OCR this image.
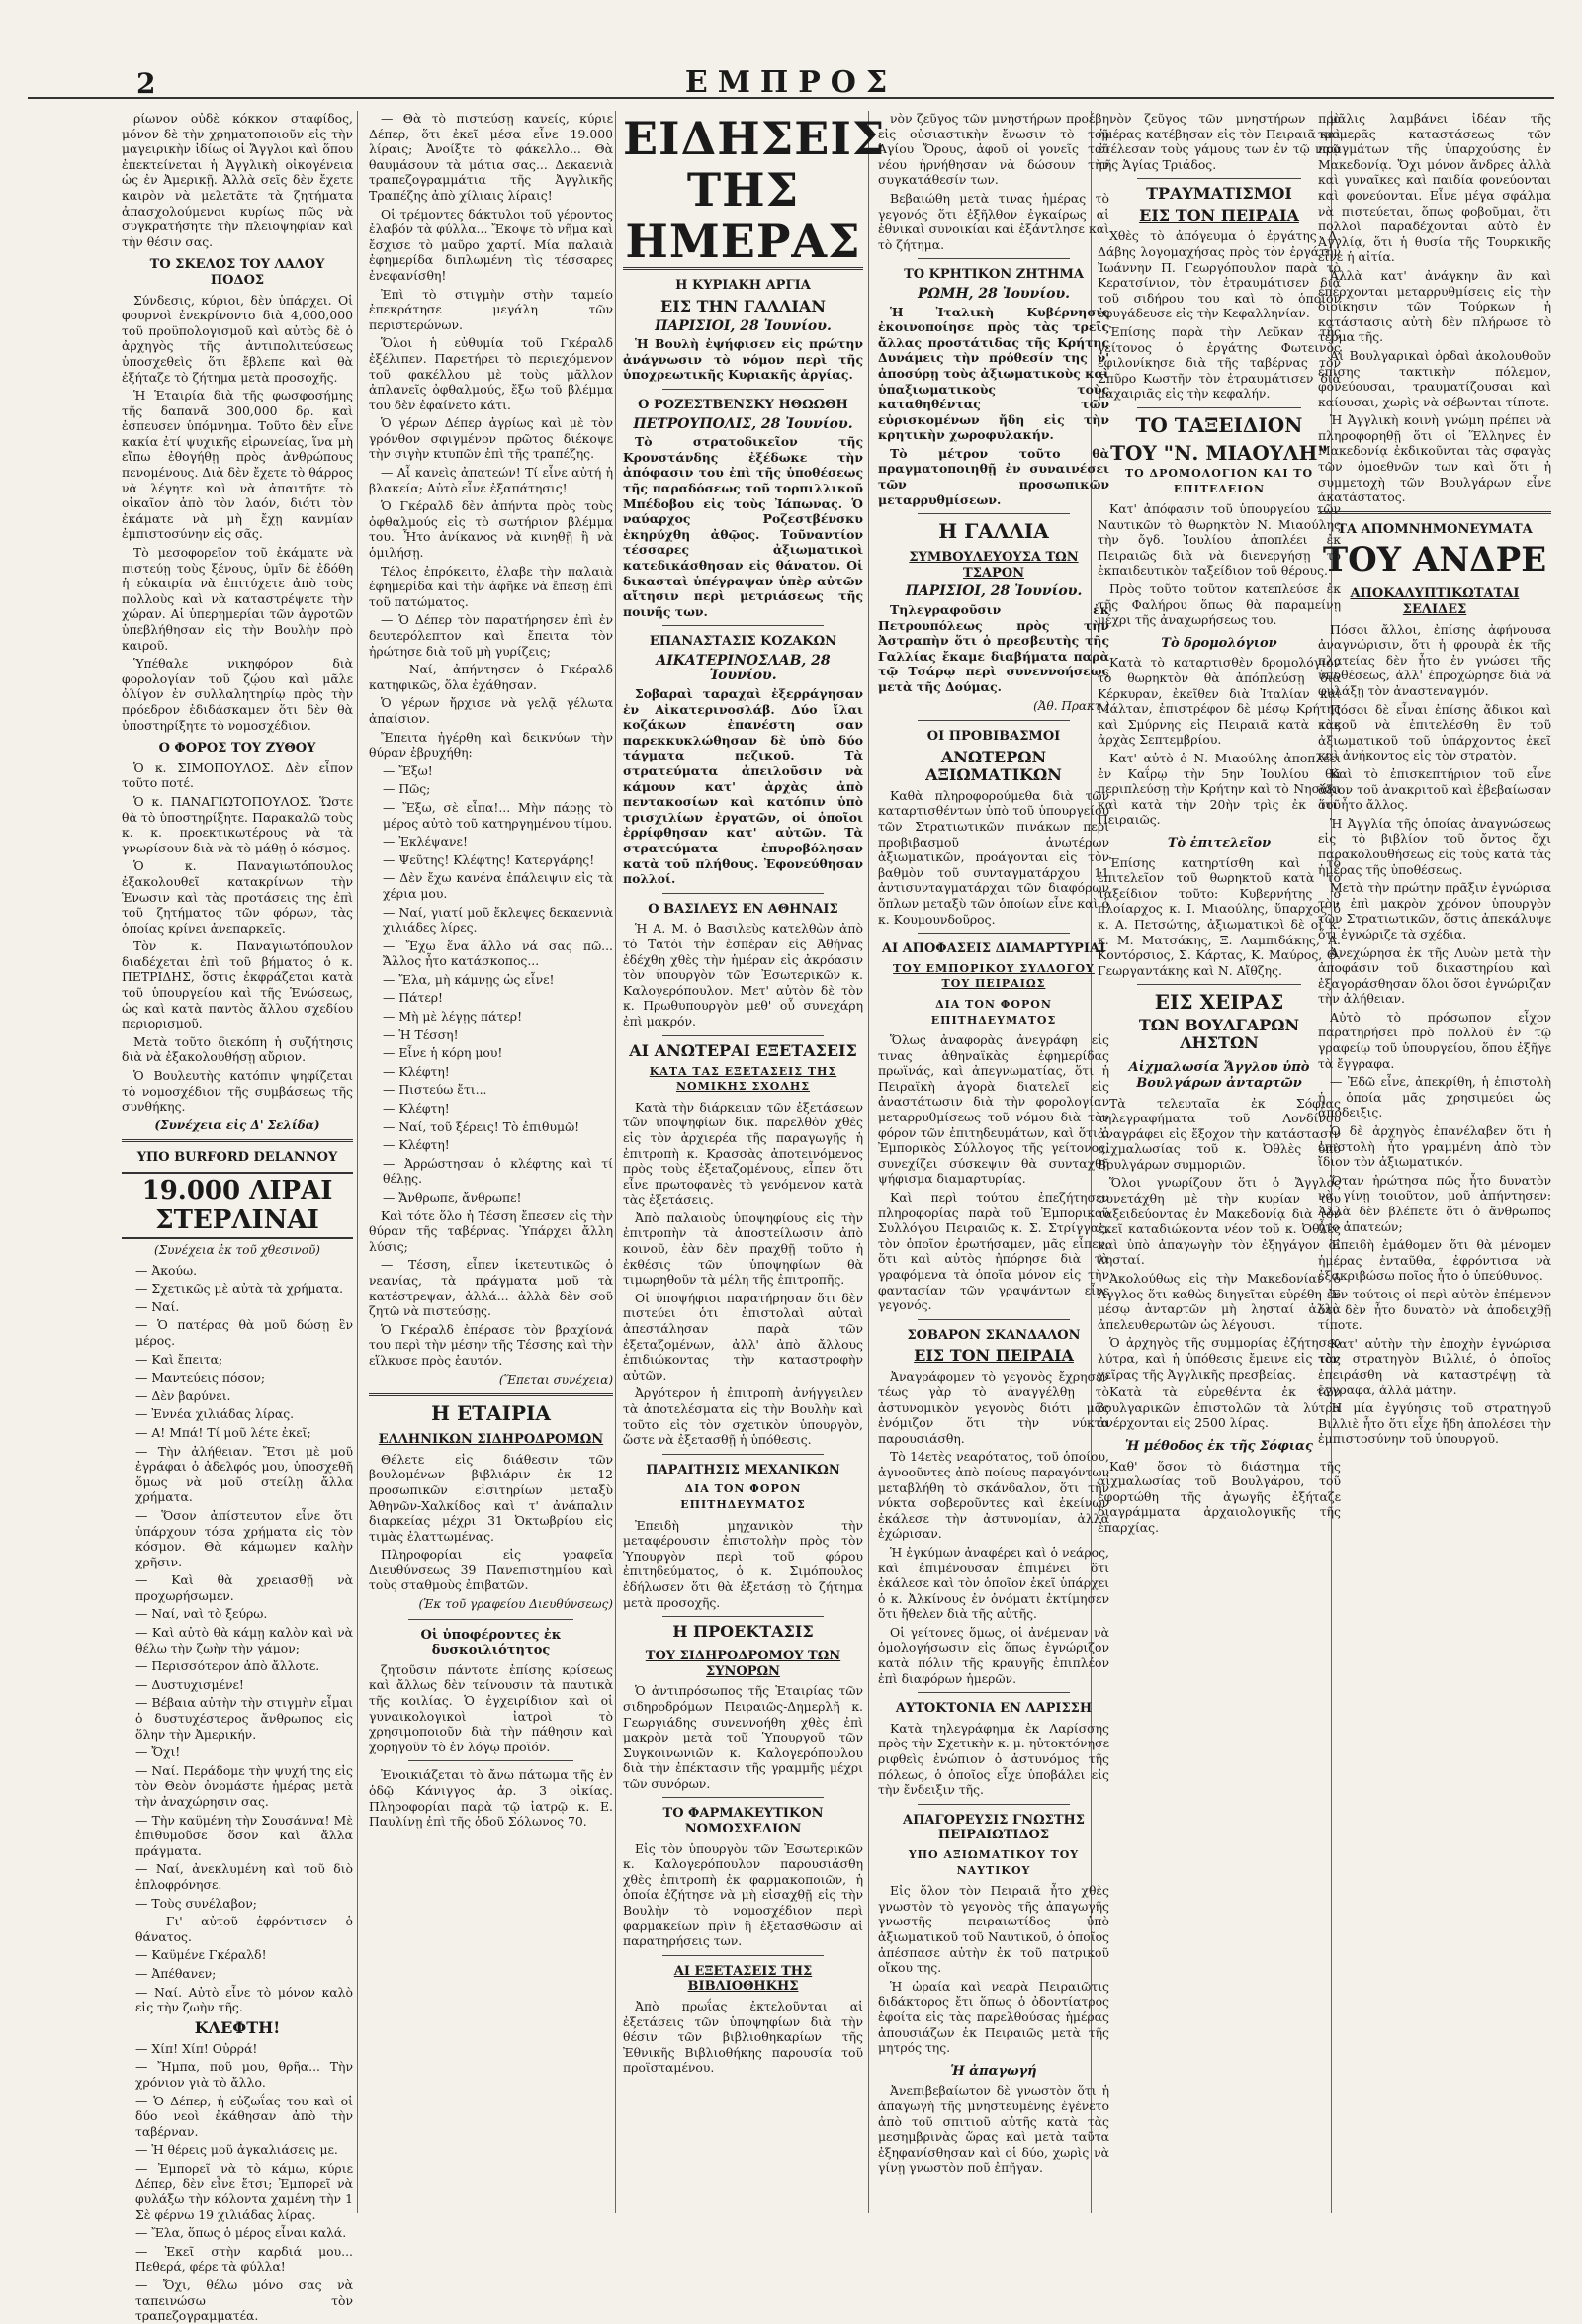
2	ΕΜΠΡΟΣ

ρίωνον οὐδὲ κόκκον σταφίδος, μόνον δὲ τὴν χρηματοποιοῦν εἰς τὴν μαγειρικὴν ἰδίως οἱ Ἄγγλοι καὶ ὅπου ἐπεκτείνεται ἡ Ἀγγλικὴ οἰκογένεια ὡς ἐν Ἀμερικῇ. Ἀλλὰ σεῖς δὲν ἔχετε καιρὸν νὰ μελετᾶτε τὰ ζητήματα ἀπασχολούμενοι κυρίως πῶς νὰ συγκρατήσητε τὴν πλειοψηφίαν καὶ τὴν θέσιν σας.

ΤΟ ΣΚΕΛΟΣ ΤΟΥ ΛΑΛΟΥ ΠΟΔΟΣ

Σύνδεσις, κύριοι, δὲν ὑπάρχει. Οἱ φουρνοὶ ἐνεκρίνοντο διὰ 4,000,000 τοῦ προϋπολογισμοῦ καὶ αὐτὸς δὲ ὁ ἀρχηγὸς τῆς ἀντιπολιτεύσεως ὑποσχεθεὶς ὅτι ἔβλεπε καὶ θὰ ἐξήταζε τὸ ζήτημα μετὰ προσοχῆς.

Ἡ Ἑταιρία διὰ τῆς φωσφοσήμης τῆς δαπανᾶ 300,000 δρ. καὶ ἐσπευσεν ὑπόμνημα. Τοῦτο δὲν εἶνε κακία ἐτί ψυχικῆς εἰρωνείας, ἵνα μὴ εἴπω ἐθογήθῃ πρὸς ἀνθρώπους πενομένους. Διὰ δὲν ἔχετε τὸ θάρρος νὰ λέγητε καὶ νὰ ἀπαιτῆτε τὸ οἰκαῖον ἀπὸ τὸν λαόν, διότι τὸν ἐκάματε νὰ μὴ ἔχῃ κανμίαν ἐμπιστοσύνην εἰς σᾶς.

Τὸ μεσοφορεῖον τοῦ ἐκάματε νὰ πιστεύῃ τοὺς ξένους, ὑμῖν δὲ ἐδόθη ἡ εὐκαιρία νὰ ἐπιτύχετε ἀπὸ τοὺς πολλοὺς καὶ νὰ καταστρέψετε τὴν χώραν. Αἱ ὑπερημερίαι τῶν ἀγροτῶν ὑπεβλήθησαν εἰς τὴν Βουλὴν πρὸ καιροῦ.

Ὑπέθαλε νικηφόρον διὰ φορολογίαν τοῦ ζῴου καὶ μᾶλε ὀλίγον ἐν συλλαλητηρίῳ πρὸς τὴν πρόεδρον ἐδιδάσκαμεν ὅτι δὲν θὰ ὑποστηρίξητε τὸ νομοσχέδιον.

Ο ΦΟΡΟΣ ΤΟΥ ΖΥΘΟΥ

Ὁ κ. ΣΙΜΟΠΟΥΛΟΣ. Δὲν εἶπον τοῦτο ποτέ.

Ὁ κ. ΠΑΝΑΓΙΩΤΟΠΟΥΛΟΣ. Ὥστε θὰ τὸ ὑποστηρίξητε. Παρακαλῶ τοὺς κ. κ. προεκτικωτέρους νὰ τὰ γνωρίσουν διὰ νὰ τὸ μάθῃ ὁ κόσμος.

Ὁ κ. Παναγιωτόπουλος ἐξακολουθεῖ κατακρίνων τὴν Ἑνωσιν καὶ τὰς προτάσεις της ἐπὶ τοῦ ζητήματος τῶν φόρων, τὰς ὁποίας κρίνει ἀνεπαρκεῖς.

Τὸν κ. Παναγιωτόπουλον διαδέχεται ἐπὶ τοῦ βήματος ὁ κ. ΠΕΤΡΙΔΗΣ, ὅστις ἐκφράζεται κατὰ τοῦ ὑπουργείου καὶ τῆς Ἑνώσεως, ὡς καὶ κατὰ παντὸς ἄλλου σχεδίου περιορισμοῦ.

Μετὰ τοῦτο διεκόπη ἡ συζήτησις διὰ νὰ ἐξακολουθήσῃ αὔριον.

Ὁ Βουλευτὴς κατόπιν ψηφίζεται τὸ νομοσχέδιον τῆς συμβάσεως τῆς συνθήκης.

(Συνέχεια εἰς Δ' Σελίδα)
ΥΠΟ BURFORD DELANNOY
19.000 ΛΙΡΑΙ ΣΤΕΡΛΙΝΑΙ
(Συνέχεια ἐκ τοῦ χθεσινοῦ)

— Ἀκούω.

— Σχετικῶς μὲ αὐτὰ τὰ χρήματα.

— Ναί.

— Ὁ πατέρας θὰ μοῦ δώσῃ ἓν μέρος.

— Καὶ ἔπειτα;

— Μαντεύεις πόσον;

— Δὲν βαρύνει.

— Ἐννέα χιλιάδας λίρας.

— Α! Μπά! Τί μοῦ λέτε ἐκεῖ;

— Τὴν ἀλήθειαν. Ἔτσι μὲ μοῦ ἐγράφαι ὁ ἀδελφός μου, ὑποσχεθῆ ὅμως νὰ μοῦ στείλῃ ἄλλα χρήματα.

— Ὅσον ἀπίστευτον εἶνε ὅτι ὑπάρχουν τόσα χρήματα εἰς τὸν κόσμον. Θὰ κάμωμεν καλὴν χρῆσιν.

— Καὶ θὰ χρειασθῇ νὰ προχωρήσωμεν.

— Ναί, ναὶ τὸ ξεύρω.

— Καὶ αὐτὸ θὰ κάμῃ καλὸν καὶ νὰ θέλω τὴν ζωὴν τὴν γάμον;

— Περισσότερον ἀπὸ ἄλλοτε.

— Δυστυχισμένε!

— Βέβαια αὐτὴν τὴν στιγμὴν εἶμαι ὁ δυστυχέστερος ἄνθρωπος εἰς ὅλην τὴν Ἀμερικήν.

— Ὄχι!

— Ναί. Περάδομε τὴν ψυχή της εἰς τὸν Θεὸν ὀνομάστε ἡμέρας μετὰ τὴν ἀναχώρησιν σας.

— Τὴν καϋμένη τὴν Σουσάννα! Μὲ ἐπιθυμοῦσε ὅσον καὶ ἄλλα πράγματα.

— Ναί, ἀνεκλυμένη καὶ τοῦ διὸ ἐπλοφρόνησε.

— Τοὺς συνέλαβον;

— Γι' αὐτοῦ ἐφρόντισεν ὁ θάνατος.

— Καϋμένε Γκέραλδ!

— Ἀπέθανεν;

— Ναί. Αὐτὸ εἶνε τὸ μόνον καλὸ εἰς τὴν ζωὴν τῆς.

ΚΛΕΦΤΗ!

— Χίπ! Χίπ! Οὐρρά!

— Ἤμπα, ποῦ μου, θρῆα... Τὴν χρόνιον γιὰ τὸ ἄλλο.

— Ὁ Δέπερ, ἡ εὐζωΐας του καὶ οἱ δύο νεοὶ ἐκάθησαν ἀπὸ τὴν ταβέρναν.

— Ἡ θέρεις μοῦ ἀγκαλιάσεις με.

— Ἐμπορεῖ νὰ τὸ κάμω, κύριε Δέπερ, δὲν εἶνε ἔτσι; Ἐμπορεῖ νὰ φυλάξω τὴν κόλοντα χαμένη τὴν 1 Σὲ φέρνω 19 χιλιάδας λίρας.

— Ἔλα, ὅπως ὁ μέρος εἶναι καλά.

— Ἐκεῖ στὴν καρδιά μου... Πεθερά, φέρε τὰ φύλλα!

— Ὄχι, θέλω μόνο σας νὰ ταπεινώσω τὸν τραπεζογραμματέα.

— Θὰ τὸ πιστεύσῃ κανείς, κύριε Δέπερ, ὅτι ἐκεῖ μέσα εἶνε 19.000 λίραις; Ἀνοίξτε τὸ φάκελλο... Θὰ θαυμάσουν τὰ μάτια σας... Δεκαενιὰ τραπεζογραμμάτια τῆς Ἀγγλικῆς Τραπέζης ἀπὸ χίλιαις λίραις!

Οἱ τρέμοντες δάκτυλοι τοῦ γέροντος ἐλαβόν τὰ φύλλα... Ἔκοψε τὸ νῆμα καὶ ἔσχισε τὸ μαῦρο χαρτί. Μία παλαιὰ ἐφημερίδα διπλωμένη τὶς τέσσαρες ἐνεφανίσθη!

Ἐπὶ τὸ στιγμὴν στὴν ταμείο ἐπεκράτησε μεγάλη τῶν περιστερώνων.

Ὅλοι ἡ εὐθυμία τοῦ Γκέραλδ ἐξέλιπεν. Παρετήρει τὸ περιεχόμενον τοῦ φακέλλου μὲ τοὺς μᾶλλον ἀπλανεῖς ὀφθαλμούς, ἔξω τοῦ βλέμμα του δὲν ἐφαίνετο κάτι.

Ὁ γέρων Δέπερ ἀγρίως καὶ μὲ τὸν γρόνθον σφιγμένον πρῶτος διέκοψε τὴν σιγὴν κτυπῶν ἐπὶ τῆς τραπέζης.

— Αἶ κανεὶς ἀπατεών! Τί εἶνε αὐτή ἡ βλακεία; Αὐτὸ εἶνε ἐξαπάτησις!

Ὁ Γκέραλδ δὲν ἀπήντα πρὸς τοὺς ὀφθαλμούς εἰς τὸ σωτήριον βλέμμα του. Ἦτο ἀνίκανος νὰ κινηθῇ ἢ νὰ ὁμιλήσῃ.

Τέλος ἐπρόκειτο, ἐλαβε τὴν παλαιὰ ἐφημερίδα καὶ τὴν ἀφῆκε νὰ ἔπεσῃ ἐπὶ τοῦ πατώματος.

— Ὁ Δέπερ τὸν παρατήρησεν ἐπὶ ἐν δευτερόλεπτον καὶ ἔπειτα τὸν ἠρώτησε διὰ τοῦ μὴ γυρίζεις;

— Ναί, ἀπήντησεν ὁ Γκέραλδ κατηφικῶς, ὅλα ἐχάθησαν.

Ὁ γέρων ἤρχισε νὰ γελᾷ γέλωτα ἀπαίσιον.

Ἔπειτα ἠγέρθη καὶ δεικνύων τὴν θύραν ἐβρυχήθη:

— Ἔξω!

— Πῶς;

— Ἔξω, σὲ εἶπα!... Μὴν πάρῃς τὸ μέρος αὐτὸ τοῦ κατηργημένου τίμου.

— Ἐκλέψανε!

— Ψεῦτης! Κλέφτης! Κατεργάρης!

— Δὲν ἔχω κανένα ἐπάλειψιν εἰς τὰ χέρια μου.

— Ναί, γιατί μοῦ ἔκλεψες δεκαεννιὰ χιλιάδες λίρες.

— Ἔχω ἕνα ἄλλο νά σας πῶ... Ἄλλος ἦτο κατάσκοπος...

— Ἔλα, μὴ κάμνῃς ὡς εἶνε!

— Πάτερ!

— Μὴ μὲ λέγῃς πάτερ!

— Ἡ Τέσση!

— Εἶνε ἡ κόρη μου!

— Κλέφτη!

— Πιστεύω ἔτι...

— Κλέφτη!

— Ναί, τοῦ ξέρεις! Τὸ ἐπιθυμῶ!

— Κλέφτη!

— Ἀρρώστησαν ὁ κλέφτης καὶ τί θέλῃς.

— Ἄνθρωπε, ἄνθρωπε!

Καὶ τότε ὅλο ἡ Τέσση ἔπεσεν εἰς τὴν θύραν τῆς ταβέρνας. Ὑπάρχει ἄλλη λύσις;

— Τέσση, εἶπεν ἱκετευτικῶς ὁ νεανίας, τὰ πράγματα μοῦ τὰ κατέστρεψαν, ἀλλά... ἀλλὰ δὲν σοῦ ζητῶ νὰ πιστεύσῃς.

Ὁ Γκέραλδ ἐπέρασε τὸν βραχίονά του περὶ τὴν μέσην τῆς Τέσσης καὶ τὴν εἵλκυσε πρὸς ἑαυτόν.

(Ἕπεται συνέχεια)
Η ΕΤΑΙΡΙΑ
ΕΛΛΗΝΙΚΩΝ ΣΙΔΗΡΟΔΡΟΜΩΝ

Θέλετε εἰς διάθεσιν τῶν βουλομένων βιβλιάριν ἐκ 12 προσωπικῶν εἰσιτηρίων μεταξὺ Ἀθηνῶν-Χαλκίδος καὶ τ' ἀνάπαλιν διαρκείας μέχρι 31 Ὀκτωβρίου εἰς τιμὰς ἐλαττωμένας.

Πληροφορίαι εἰς γραφεῖα Διευθύνσεως 39 Πανεπιστημίου καὶ τοὺς σταθμοὺς ἐπιβατῶν.

(Ἐκ τοῦ γραφείου Διευθύνσεως)
Οἱ ὑποφέροντες ἐκ δυσκοιλιότητος

ζητοῦσιν πάντοτε ἐπίσης κρίσεως καὶ ἄλλως δὲν τείνουσιν τὰ παυτικὰ τῆς κοιλίας. Ὁ ἐγχειρίδιον καὶ οἱ γυναικολογικοὶ ἰατροὶ τὸ χρησιμοποιοῦν διὰ τὴν πάθησιν καὶ χορηγοῦν τὸ ἐν λόγῳ προϊόν.

Ἐνοικιάζεται τὸ ἄνω πάτωμα τῆς ἐν ὁδῷ Κάνιγγος ἀρ. 3 οἰκίας. Πληροφορίαι παρὰ τῷ ἰατρῷ κ. Ε. Παυλίνῃ ἐπὶ τῆς ὁδοῦ Σόλωνος 70.

ΕΙΔΗΣΕΙΣ ΤΗΣ ΗΜΕΡΑΣ
Η ΚΥΡΙΑΚΗ ΑΡΓΙΑ
ΕΙΣ ΤΗΝ ΓΑΛΛΙΑΝ
ΠΑΡΙΣΙΟΙ, 28 Ἰουνίου.

Ἡ Βουλὴ ἐψήφισεν εἰς πρώτην ἀνάγνωσιν τὸ νόμον περὶ τῆς ὑποχρεωτικῆς Κυριακῆς ἀργίας.

Ο ΡΟΖΕΣΤΒΕΝΣΚΥ ΗΘΩΩΘΗ
ΠΕΤΡΟΥΠΟΛΙΣ, 28 Ἰουνίου.

Τὸ στρατοδικεῖον τῆς Κρονστάνδης ἐξέδωκε τὴν ἀπόφασιν του ἐπὶ τῆς ὑποθέσεως τῆς παραδόσεως τοῦ τορπιλλικοῦ Μπέδοβου εἰς τοὺς Ἰάπωνας. Ὁ ναύαρχος Ροζεστβένσκυ ἐκηρύχθη ἀθῷος. Τοῦναντίον τέσσαρες ἀξιωματικοὶ κατεδικάσθησαν εἰς θάνατον. Οἱ δικασταὶ ὑπέγραψαν ὑπὲρ αὐτῶν αἴτησιν περὶ μετριάσεως τῆς ποινῆς των.

ΕΠΑΝΑΣΤΑΣΙΣ ΚΟΖΑΚΩΝ
ΑΙΚΑΤΕΡΙΝΟΣΛΑΒ, 28 Ἰουνίου.

Σοβαραὶ ταραχαὶ ἐξερράγησαν ἐν Αἰκατερινοσλάβ. Δύο ἴλαι κοζάκων ἐπανέστη σαν παρεκκυκλώθησαν δὲ ὑπὸ δύο τάγματα πεζικοῦ. Τὰ στρατεύματα ἀπειλοῦσιν νὰ κάμουν κατ' ἀρχὰς ἀπὸ πεντακοσίων καὶ κατόπιν ὑπὸ τρισχιλίων ἐργατῶν, οἱ ὁποῖοι ἐρρίφθησαν κατ' αὐτῶν. Τὰ στρατεύματα ἐπυροβόλησαν κατὰ τοῦ πλήθους. Ἐφονεύθησαν πολλοί.

Ο ΒΑΣΙΛΕΥΣ ΕΝ ΑΘΗΝΑΙΣ

Ἡ Α. Μ. ὁ Βασιλεὺς κατελθὼν ἀπὸ τὸ Τατόι τὴν ἑσπέραν εἰς Ἀθήνας ἐδέχθη χθὲς τὴν ἡμέραν εἰς ἀκρόασιν τὸν ὑπουργὸν τῶν Ἐσωτερικῶν κ. Καλογερόπουλον. Μετ' αὐτὸν δὲ τὸν κ. Πρωθυπουργὸν μεθ' οὗ συνεχάρη ἐπὶ μακρόν.

ΑΙ ΑΝΩΤΕΡΑΙ ΕΞΕΤΑΣΕΙΣ
ΚΑΤΑ ΤΑΣ ΕΞΕΤΑΣΕΙΣ ΤΗΣ ΝΟΜΙΚΗΣ ΣΧΟΛΗΣ

Κατὰ τὴν διάρκειαν τῶν ἐξετάσεων τῶν ὑποψηφίων δικ. παρελθὸν χθὲς εἰς τὸν ἀρχιερέα τῆς παραγωγῆς ἡ ἐπιτροπὴ κ. Κρασσὰς ἀποτεινόμενος πρὸς τοὺς ἐξεταζομένους, εἶπεν ὅτι εἶνε πρωτοφανὲς τὸ γενόμενον κατὰ τὰς ἐξετάσεις.

Ἀπὸ παλαιοὺς ὑποψηφίους εἰς τὴν ἐπιτροπὴν τὰ ἀποστείλωσιν ἀπὸ κοινοῦ, ἐὰν δὲν πραχθῇ τοῦτο ἡ ἐκθέσις τῶν ὑποψηφίων θὰ τιμωρηθοῦν τὰ μέλη τῆς ἐπιτροπῆς.

Οἱ ὑποψήφιοι παρατήρησαν ὅτι δὲν πιστεύει ὁτι ἐπιστολαὶ αὐταὶ ἀπεστάλησαν παρὰ τῶν ἐξεταζομένων, ἀλλ' ἀπὸ ἄλλους ἐπιδιώκοντας τὴν καταστροφὴν αὐτῶν.

Ἀργότερον ἡ ἐπιτροπὴ ἀνήγγειλεν τὰ ἀποτελέσματα εἰς τὴν Βουλὴν καὶ τοῦτο εἰς τὸν σχετικὸν ὑπουργὸν, ὥστε νὰ ἐξετασθῇ ἡ ὑπόθεσις.

ΠΑΡΑΙΤΗΣΙΣ ΜΕΧΑΝΙΚΩΝ
ΔΙΑ ΤΟΝ ΦΟΡΟΝ ΕΠΙΤΗΔΕΥΜΑΤΟΣ

Ἐπειδὴ μηχανικὸν τὴν μεταφέρουσιν ἐπιστολὴν πρὸς τὸν Ὑπουργὸν περὶ τοῦ φόρου ἐπιτηδεύματος, ὁ κ. Σιμόπουλος ἐδήλωσεν ὅτι θὰ ἐξετάσῃ τὸ ζήτημα μετὰ προσοχῆς.

Η ΠΡΟΕΚΤΑΣΙΣ
ΤΟΥ ΣΙΔΗΡΟΔΡΟΜΟΥ ΤΩΝ ΣΥΝΟΡΩΝ

Ὁ ἀντιπρόσωπος τῆς Ἑταιρίας τῶν σιδηροδρόμων Πειραιῶς-Δημερλῆ κ. Γεωργιάδης συνεννοήθη χθὲς ἐπὶ μακρὸν μετὰ τοῦ Ὑπουργοῦ τῶν Συγκοινωνιῶν κ. Καλογερόπουλου διὰ τὴν ἐπέκτασιν τῆς γραμμῆς μέχρι τῶν συνόρων.

ΤΟ ΦΑΡΜΑΚΕΥΤΙΚΟΝ ΝΟΜΟΣΧΕΔΙΟΝ

Εἰς τὸν ὑπουργὸν τῶν Ἐσωτερικῶν κ. Καλογερόπουλον παρουσιάσθη χθὲς ἐπιτροπὴ ἐκ φαρμακοποιῶν, ἡ ὁποία ἐζήτησε νὰ μὴ εἰσαχθῇ εἰς τὴν Βουλὴν τὸ νομοσχέδιον περὶ φαρμακείων πρὶν ἢ ἐξετασθῶσιν αἱ παρατηρήσεις των.

ΑΙ ΕΞΕΤΑΣΕΙΣ ΤΗΣ ΒΙΒΛΙΟΘΗΚΗΣ

Ἀπὸ πρωΐας ἐκτελοῦνται αἱ ἐξετάσεις τῶν ὑποψηφίων διὰ τὴν θέσιν τῶν βιβλιοθηκαρίων τῆς Ἐθνικῆς Βιβλιοθήκης παρουσία τοῦ προϊσταμένου.

νὸν ζεῦγος τῶν μνηστήρων προέβη εἰς οὐσιαστικὴν ἔνωσιν τὸ τοῦ Ἁγίου Ὄρους, ἀφοῦ οἱ γονεῖς τοῦ νέου ἠρνήθησαν νὰ δώσουν τὴν συγκατάθεσίν των.

Βεβαιώθη μετὰ τινας ἡμέρας τὸ γεγονός ὅτι ἐξῆλθον ἐγκαίρως αἱ ἐθνικαὶ συνοικίαι καὶ ἐξάντλησε καὶ τὸ ζήτημα.

ΤΟ ΚΡΗΤΙΚΟΝ ΖΗΤΗΜΑ
ΡΩΜΗ, 28 Ἰουνίου.

Ἡ Ἰταλικὴ Κυβέρνησις ἐκοινοποίησε πρὸς τὰς τρεῖς ἄλλας προστάτιδας τῆς Κρήτης Δυνάμεις τὴν πρόθεσίν της ν' ἀποσύρῃ τοὺς ἀξιωματικοὺς καὶ ὑπαξιωματικοὺς τοὺς καταθηθέντας τῶν εὐρισκομένων ἤδη εἰς τὴν κρητικὴν χωροφυλακήν.

Τὸ μέτρον τοῦτο θὰ πραγματοποιηθῇ ἐν συναινέσει τῶν προσωπικῶν μεταρρυθμίσεων.

Η ΓΑΛΛΙΑ
ΣΥΜΒΟΥΛΕΥΟΥΣΑ ΤΩΝ ΤΣΑΡΟΝ
ΠΑΡΙΣΙΟΙ, 28 Ἰουνίου.

Τηλεγραφοῦσιν ἐκ Πετρουπόλεως πρὸς τὴν Ἀστραπὴν ὅτι ὁ πρεσβευτὴς τῆς Γαλλίας ἔκαμε διαβήματα παρὰ τῷ Τσάρῳ περὶ συνεννοήσεως μετὰ τῆς Δούμας.

(Ἀθ. Πρακτ.)
ΟΙ ΠΡΟΒΙΒΑΣΜΟΙ
ΑΝΩΤΕΡΩΝ ΑΞΙΩΜΑΤΙΚΩΝ

Καθὰ πληροφορούμεθα διὰ τῶν καταρτισθέντων ὑπὸ τοῦ ὑπουργείου τῶν Στρατιωτικῶν πινάκων περὶ προβιβασμοῦ ἀνωτέρων ἀξιωματικῶν, προάγονται εἰς τὸν βαθμὸν τοῦ συνταγματάρχου 11 ἀντισυνταγματάρχαι τῶν διαφόρων ὅπλων μεταξὺ τῶν ὁποίων εἶνε καὶ ὁ κ. Κουμουνδοῦρος.

ΑΙ ΑΠΟΦΑΣΕΙΣ ΔΙΑΜΑΡΤΥΡΙΑΙ
ΤΟΥ ΕΜΠΟΡΙΚΟΥ ΣΥΛΛΟΓΟΥ ΤΟΥ ΠΕΙΡΑΙΩΣ
ΔΙΑ ΤΟΝ ΦΟΡΟΝ ΕΠΙΤΗΔΕΥΜΑΤΟΣ

Ὅλως ἀναφορὰς ἀνεγράφη εἰς τινας ἀθηναϊκὰς ἐφημερίδας πρωϊνάς, καὶ ἀπεγνωματίας, ὅτι ἡ Πειραϊκὴ ἀγορὰ διατελεῖ εἰς ἀναστάτωσιν διὰ τὴν φορολογίαν μεταρρυθμίσεως τοῦ νόμου διὰ τὸν φόρον τῶν ἐπιτηδευμάτων, καὶ ὅτι ὁ Ἐμπορικὸς Σύλλογος τῆς γείτονος, συνεχίζει σύσκεψιν θὰ συνταχθῇ ψήφισμα διαμαρτυρίας.

Καὶ περὶ τούτου ἐπεζήτησεν πληροφορίας παρὰ τοῦ Ἐμπορικοῦ Συλλόγου Πειραιῶς κ. Σ. Στρίγγας, τὸν ὁποῖον ἐρωτήσαμεν, μᾶς εἶπεν, ὅτι καὶ αὐτὸς ἠπόρησε διὰ τὰ γραφόμενα τὰ ὁποῖα μόνον εἰς τὴν φαντασίαν τῶν γραψάντων εἶνε γεγονός.

ΣΟΒΑΡΟΝ ΣΚΑΝΔΑΛΟΝ
ΕΙΣ ΤΟΝ ΠΕΙΡΑΙΑ

Ἀναγράφομεν τὸ γεγονὸς ἔχρησεν τέως γὰρ τὸ ἀναγγέλθῃ τὸ ἀστυνομικὸν γεγονὸς διότι μᾶς ἐνόμιζον ὅτι τὴν νύκτα παρουσιάσθη.

Τὸ 14ετὲς νεαρότατος, τοῦ ὁποίου, ἀγνοοῦντες ἀπὸ ποίους παραγόντων μεταβλήθη τὸ σκάνδαλον, ὅτι τὴν νύκτα σοβεροῦντες καὶ ἐκείνων ἐκάλεσε τὴν ἀστυνομίαν, ἀλλὰ ἐχώρισαν.

Ἡ ἐγκύμων ἀναφέρει καὶ ὁ νεάρος, καὶ ἐπιμένουσαν ἐπιμένει ὅτι ἐκάλεσε καὶ τὸν ὁποῖον ἐκεῖ ὑπάρχει ὁ κ. Ἀλκίνους ἐν ὀνόματι ἐκτίμησεν ὅτι ἤθελεν διὰ τῆς αὐτῆς.

Οἱ γείτονες ὅμως, οἱ ἀνέμεναν νὰ ὁμολογήσωσιν εἰς ὅπως ἐγνώριζον κατὰ πόλιν τῆς κραυγῆς ἐπιπλέον ἐπὶ διαφόρων ἡμερῶν.

ΑΥΤΟΚΤΟΝΙΑ ΕΝ ΛΑΡΙΣΣΗ

Κατὰ τηλεγράφημα ἐκ Λαρίσσης πρὸς τὴν Σχετικὴν κ. μ. ηὐτοκτόνησε ριφθεὶς ἐνώπιον ὁ ἀστυνόμος τῆς πόλεως, ὁ ὁποῖος εἶχε ὑποβάλει εἰς τὴν ἔνδειξιν τῆς.

ΑΠΑΓΟΡΕΥΣΙΣ ΓΝΩΣΤΗΣ ΠΕΙΡΑΙΩΤΙΔΟΣ
ΥΠΟ ΑΞΙΩΜΑΤΙΚΟΥ ΤΟΥ ΝΑΥΤΙΚΟΥ

Εἰς ὅλον τὸν Πειραιᾶ ἦτο χθὲς γνωστὸν τὸ γεγονὸς τῆς ἀπαγωγῆς γνωστῆς πειραιωτίδος ὑπὸ ἀξιωματικοῦ τοῦ Ναυτικοῦ, ὁ ὁποῖος ἀπέσπασε αὐτὴν ἐκ τοῦ πατρικοῦ οἴκου της.

Ἡ ὡραία καὶ νεαρὰ Πειραιῶτις διδάκτορος ἔτι ὅπως ὁ ὀδοντίατρος ἐφοίτα εἰς τὰς παρελθούσας ἡμέρας ἀπουσιάζων ἐκ Πειραιῶς μετὰ τῆς μητρός της.

Ἡ ἀπαγωγή

Ἀνεπιβεβαίωτον δὲ γνωστὸν ὅτι ἡ ἀπαγωγὴ τῆς μνηστευμένης ἐγένετο ἀπὸ τοῦ σπιτιοῦ αὐτῆς κατὰ τὰς μεσημβρινὰς ὥρας καὶ μετὰ ταῦτα ἐξηφανίσθησαν καὶ οἱ δύο, χωρὶς νὰ γίνῃ γνωστὸν ποῦ ἐπῆγαν.

νὸν ζεῦγος τῶν μνηστήρων πρὸ ἡμέρας κατέβησαν εἰς τὸν Πειραιᾶ καὶ ἐτέλεσαν τοὺς γάμους των ἐν τῷ ναῷ τῆς Ἁγίας Τριάδος.

ΤΡΑΥΜΑΤΙΣΜΟΙ
ΕΙΣ ΤΟΝ ΠΕΙΡΑΙΑ

Χθὲς τὸ ἀπόγευμα ὁ ἐργάτης Δ. Δάβης λογομαχήσας πρὸς τὸν ἐργάτην Ἰωάννην Π. Γεωργόπουλον παρὰ τὸ Κερατσίνιον, τὸν ἐτραυμάτισεν διὰ τοῦ σιδήρου του καὶ τὸ ὁποῖον ἐφυγάδευσε εἰς τὴν Κεφαλληνίαν.

Ἐπίσης παρὰ τὴν Λεῦκαν τῆς γείτονος ὁ ἐργάτης Φωτεινὸς ἐφιλονίκησε διὰ τῆς ταβέρνας τὸν Σπῦρο Κωστῆν τὸν ἐτραυμάτισεν διὰ μαχαιριᾶς εἰς τὴν κεφαλήν.

ΤΟ ΤΑΞΕΙΔΙΟΝ
ΤΟΥ "Ν. ΜΙΑΟΥΛΗ"
ΤΟ ΔΡΟΜΟΛΟΓΙΟΝ ΚΑΙ ΤΟ ΕΠΙΤΕΛΕΙΟΝ

Κατ' ἀπόφασιν τοῦ ὑπουργείου τῶν Ναυτικῶν τὸ θωρηκτὸν Ν. Μιαούλης τὴν ὄγδ. Ἰουλίου ἀποπλέει ἐκ Πειραιῶς διὰ νὰ διενεργήσῃ τὸ ἐκπαιδευτικὸν ταξείδιον τοῦ θέρους.

Πρὸς τοῦτο τοῦτον κατεπλεύσε ἐκ τῆς Φαλήρου ὅπως θὰ παραμείνῃ μέχρι τῆς ἀναχωρήσεως του.

Τὸ δρομολόγιον

Κατὰ τὸ καταρτισθὲν δρομολόγιον τὸ θωρηκτὸν θὰ ἀπόπλεύσῃ διὰ Κέρκυραν, ἐκεῖθεν διὰ Ἰταλίαν καὶ Μάλταν, ἐπιστρέφον δὲ μέσῳ Κρήτης καὶ Σμύρνης εἰς Πειραιᾶ κατὰ τὰς ἀρχὰς Σεπτεμβρίου.

Κατ' αὐτὸ ὁ Ν. Μιαούλης ἀποπλέει ἐν Καΐρῳ τὴν 5ην Ἰουλίου θὰ περιπλεύσῃ τὴν Κρήτην καὶ τὸ Νησάκι καὶ κατὰ τὴν 20ὴν τρὶς ἐκ τοῦ Πειραιῶς.

Τὸ ἐπιτελεῖον

Ἐπίσης κατηρτίσθη καὶ τὸ ἐπιτελεῖον τοῦ θωρηκτοῦ κατὰ τὸ ταξείδιον τοῦτο: Κυβερνήτης ὁ πλοίαρχος κ. Ι. Μιαούλης, ὕπαρχος ὁ κ. Α. Πετσώτης, ἀξιωματικοὶ δὲ οἱ κ. κ. Μ. Ματσάκης, Ξ. Λαμπιδάκης, Α. Κοντόρσιος, Σ. Κάρτας, Κ. Μαύρος, Θ. Γεωργαντάκης καὶ Ν. Αἴθζης.

ΕΙΣ ΧΕΙΡΑΣ
ΤΩΝ ΒΟΥΛΓΑΡΩΝ ΛΗΣΤΩΝ
Αἰχμαλωσία Ἄγγλου ὑπὸ Βουλγάρων ἀνταρτῶν

Τὰ τελευταῖα ἐκ Σόφιας τηλεγραφήματα τοῦ Λονδίνου ἀναγράφει εἰς ἔξοχον τὴν κατάστασιν αἰχμαλωσίας τοῦ κ. Ὀθλὲς ὑπὸ Βουλγάρων συμμοριῶν.

Ὅλοι γνωρίζουν ὅτι ὁ Ἄγγλος συνετάχθη μὲ τὴν κυρίαν του ταξειδεύοντας ἐν Μακεδονίᾳ διὰ τὸν ἐκεῖ καταδιώκοντα νέον τοῦ κ. Ὀθλὲς καὶ ὑπὸ ἀπαγωγὴν τὸν ἐξηγάγον οἱ λησταί.

Ἀκολούθως εἰς τὴν Μακεδονίαν ὁ Ἄγγλος ὅτι καθὼς διηγεῖται εὑρέθη ἐν μέσῳ ἀνταρτῶν μὴ λησταί ἀλλὰ ἀπελευθερωτῶν ὡς λέγουσι.

Ὁ ἀρχηγὸς τῆς συμμορίας ἐζήτησεν λύτρα, καὶ ἡ ὑπόθεσις ἔμεινε εἰς τὰς χεῖρας τῆς Ἀγγλικῆς πρεσβείας.

Κατὰ τὰ εὑρεθέντα ἐκ τῶν βουλγαρικῶν ἐπιστολῶν τὰ λύτρα ἀνέρχονται εἰς 2500 λίρας.

Ἡ μέθοδος ἐκ τῆς Σόφιας

Καθ' ὅσον τὸ διάστημα τῆς αἰχμαλωσίας τοῦ Βουλγάρου, τοῦ ἐφορτώθη τῆς ἀγωγῆς ἐξήταζε διαγράμματα ἀρχαιολογικῆς τῆς ἐπαρχίας.

μᾶλις λαμβάνει ἰδέαν τῆς τρομερᾶς καταστάσεως τῶν πραγμάτων τῆς ὑπαρχούσης ἐν Μακεδονίᾳ. Ὄχι μόνον ἄνδρες ἀλλὰ καὶ γυναῖκες καὶ παιδία φονεύονται καὶ φονεύονται. Εἶνε μέγα σφάλμα νὰ πιστεύεται, ὅπως φοβοῦμαι, ὅτι πολλοὶ παραδέχονται αὐτὸ ἐν Ἀγγλίᾳ, ὅτι ἡ θυσία τῆς Τουρκικῆς εἶνε ἡ αἰτία.

Ἀλλὰ κατ' ἀνάγκην ἂν καὶ ἐπέρχονται μεταρρυθμίσεις εἰς τὴν διοίκησιν τῶν Τούρκων ἡ κατάστασις αὐτὴ δὲν πλήρωσε τὸ τέρμα τῆς.

Αἱ Βουλγαρικαὶ ὁρδαὶ ἀκολουθοῦν ἐπίσης τακτικὴν πόλεμον, φονεύουσαι, τραυματίζουσαι καὶ καίουσαι, χωρὶς νὰ σέβωνται τίποτε.

Ἡ Ἀγγλικὴ κοινὴ γνώμη πρέπει νὰ πληροφορηθῇ ὅτι οἱ Ἕλληνες ἐν Μακεδονίᾳ ἐκδικοῦνται τὰς σφαγὰς τῶν ὁμοεθνῶν των καὶ ὅτι ἡ συμμετοχὴ τῶν Βουλγάρων εἶνε ἀκατάστατος.

ΤΑ ΑΠΟΜΝΗΜΟΝΕΥΜΑΤΑ
ΤΟΥ ΑΝΔΡΕ
ΑΠΟΚΑΛΥΠΤΙΚΩΤΑΤΑΙ ΣΕΛΙΔΕΣ

Πόσοι ἄλλοι, ἐπίσης ἀφήνουσα ἀναγνώρισιν, ὅτι ἡ φρουρὰ ἐκ τῆς πλατείας δὲν ἦτο ἐν γνώσει τῆς ὑποθέσεως, ἀλλ' ἐπροχώρησε διὰ νὰ φυλάξῃ τὸν ἀναστεναγμόν.

Πόσοι δὲ εἶναι ἐπίσης ἄδικοι καὶ κακοῦ νὰ ἐπιτελέσθη ἓν τοῦ ἀξιωματικοῦ τοῦ ὑπάρχοντος ἐκεῖ καὶ ἀνήκοντος εἰς τὸν στρατὸν.

Καὶ τὸ ἐπισκεπτήριον τοῦ εἶνε ἄξιον τοῦ ἀνακριτοῦ καὶ ἐβεβαίωσαν ὅτι ἦτο ἄλλος.

Ἡ Ἀγγλία τῆς ὁποίας ἀναγνώσεως εἰς τὸ βιβλίον τοῦ ὄντος ὄχι παρακολουθήσεως εἰς τοὺς κατὰ τὰς ἡμέρας τῆς ὑποθέσεως.

Μετὰ τὴν πρώτην πρᾶξιν ἐγνώρισα τὸν ἐπὶ μακρὸν χρόνον ὑπουργὸν τῶν Στρατιωτικῶν, ὅστις ἀπεκάλυψε ὅτι ἐγνώριζε τὰ σχέδια.

Ἀνεχώρησα ἐκ τῆς Λυὼν μετὰ τὴν ἀποφάσιν τοῦ δικαστηρίου καὶ ἐξαγοράσθησαν ὅλοι ὅσοι ἐγνώριζαν τὴν ἀλήθειαν.

Αὐτὸ τὸ πρόσωπον εἶχον παρατηρήσει πρὸ πολλοῦ ἐν τῷ γραφείῳ τοῦ ὑπουργείου, ὅπου ἐξῆγε τὰ ἔγγραφα.

— Ἐδῶ εἶνε, ἀπεκρίθη, ἡ ἐπιστολὴ ἡ ὁποία μᾶς χρησιμεύει ὡς ἀπόδειξις.

Ὁ δὲ ἀρχηγὸς ἐπανέλαβεν ὅτι ἡ ἐπιστολὴ ἦτο γραμμένη ἀπὸ τὸν ἴδιον τὸν ἀξιωματικόν.

Ὅταν ἠρώτησα πῶς ἦτο δυνατὸν νὰ γίνῃ τοιοῦτον, μοῦ ἀπήντησεν: Ἀλλὰ δὲν βλέπετε ὅτι ὁ ἄνθρωπος ἦτο ἀπατεών;

Ἐπειδὴ ἐμάθομεν ὅτι θὰ μένομεν ἡμέρας ἐνταῦθα, ἐφρόντισα νὰ ἐξακριβώσω ποῖος ἦτο ὁ ὑπεύθυνος.

Ἐν τούτοις οἱ περὶ αὐτὸν ἐπέμενον ὅτι δὲν ἦτο δυνατὸν νὰ ἀποδειχθῇ τίποτε.

Κατ' αὐτὴν τὴν ἐποχὴν ἐγνώρισα τὸν στρατηγὸν Βιλλιέ, ὁ ὁποῖος ἐπειράσθη νὰ καταστρέψῃ τὰ ἔγγραφα, ἀλλὰ μάτην.

Ἡ μία ἐγγύησις τοῦ στρατηγοῦ Βιλλιὲ ἦτο ὅτι εἶχε ἤδη ἀπολέσει τὴν ἐμπιστοσύνην τοῦ ὑπουργοῦ.
